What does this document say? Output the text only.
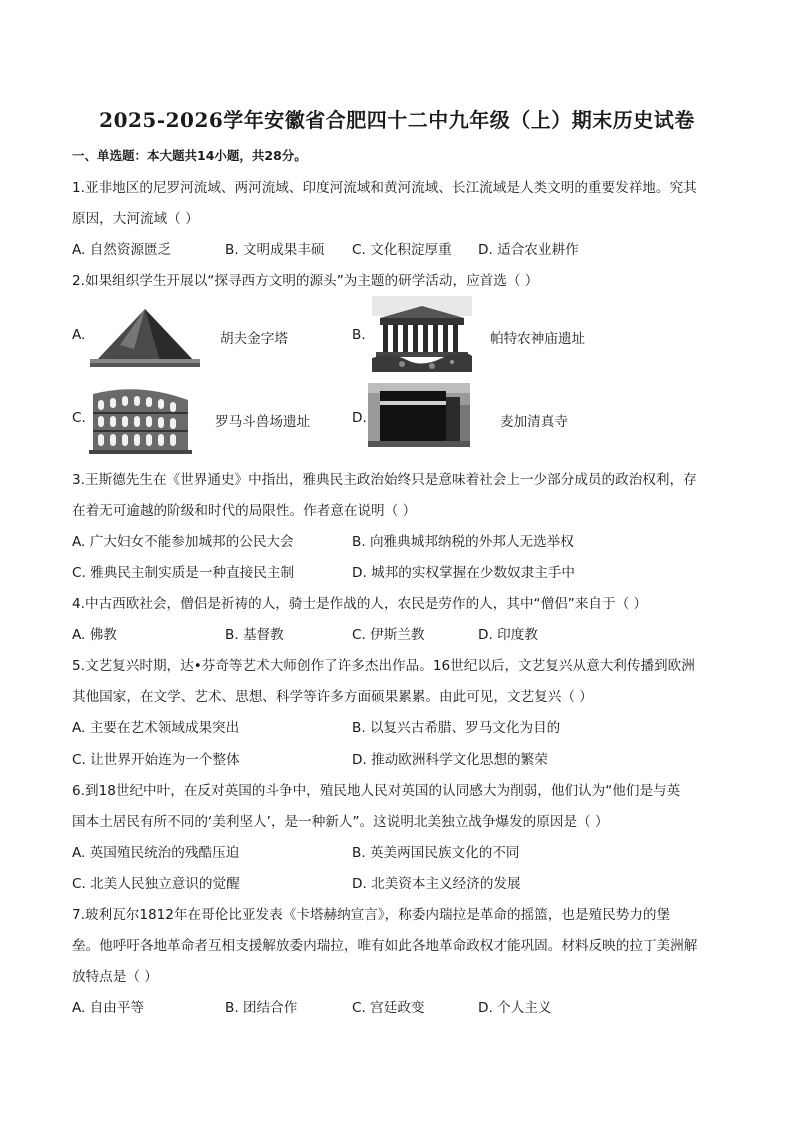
2025-2026学年安徽省合肥四十二中九年级（上）期末历史试卷
一、单选题：本大题共14小题，共28分。
1.亚非地区的尼罗河流域、两河流域、印度河流域和黄河流域、长江流域是人类文明的重要发祥地。究其
原因，大河流域（ ）
A. 自然资源匮乏	B. 文明成果丰硕 C. 文化积淀厚重 D. 适合农业耕作
2.如果组织学生开展以“探寻西方文明的源头”为主题的研学活动，应首选（ ）
A.	胡夫金字塔	B.	帕特农神庙遗址
C.	罗马斗兽场遗址	D.	麦加清真寺
3.王斯德先生在《世界通史》中指出，雅典民主政治始终只是意味着社会上一少部分成员的政治权利，存
在着无可逾越的阶级和时代的局限性。作者意在说明（ ）
A. 广大妇女不能参加城邦的公民大会	B. 向雅典城邦纳税的外邦人无选举权
C. 雅典民主制实质是一种直接民主制	D. 城邦的实权掌握在少数奴隶主手中
4.中古西欧社会，僧侣是祈祷的人，骑士是作战的人，农民是劳作的人，其中“僧侣”来自于（ ）
A. 佛教	B. 基督教	C. 伊斯兰教	D. 印度教
5.文艺复兴时期，达•芬奇等艺术大师创作了许多杰出作品。16世纪以后，文艺复兴从意大利传播到欧洲
其他国家，在文学、艺术、思想、科学等许多方面硕果累累。由此可见，文艺复兴（ ）
A. 主要在艺术领域成果突出	B. 以复兴古希腊、罗马文化为目的
C. 让世界开始连为一个整体	D. 推动欧洲科学文化思想的繁荣
6.到18世纪中叶，在反对英国的斗争中，殖民地人民对英国的认同感大为削弱，他们认为“他们是与英
国本土居民有所不同的‘美利坚人’，是一种新人”。这说明北美独立战争爆发的原因是（ ）
A. 英国殖民统治的残酷压迫	B. 英美两国民族文化的不同
C. 北美人民独立意识的觉醒	D. 北美资本主义经济的发展
7.玻利瓦尔1812年在哥伦比亚发表《卡塔赫纳宣言》，称委内瑞拉是革命的摇篮，也是殖民势力的堡
垒。他呼吁各地革命者互相支援解放委内瑞拉，唯有如此各地革命政权才能巩固。材料反映的拉丁美洲解
放特点是（ ）
A. 自由平等	B. 团结合作	C. 宫廷政变	D. 个人主义
